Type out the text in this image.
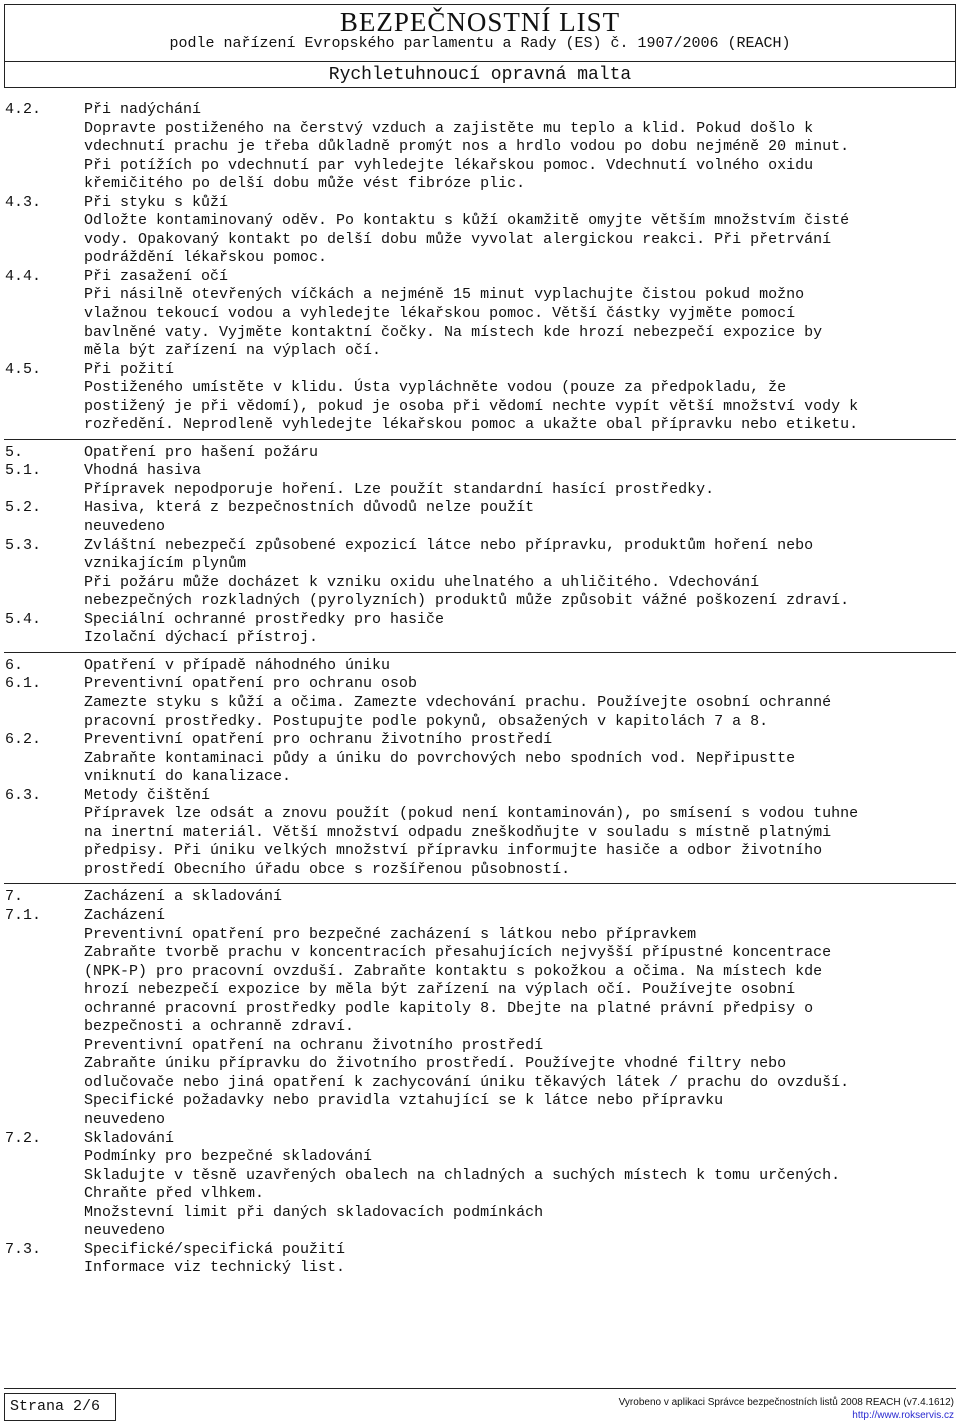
BEZPEČNOSTNÍ LIST
podle nařízení Evropského parlamentu a Rady (ES) č. 1907/2006 (REACH)
Rychletuhnoucí opravná malta
4.2.	Při nadýchání
Dopravte postiženého na čerstvý vzduch a zajistěte mu teplo a klid. Pokud došlo k
vdechnutí prachu je třeba důkladně promýt nos a hrdlo vodou po dobu nejméně 20 minut.
Při potížích po vdechnutí par vyhledejte lékařskou pomoc. Vdechnutí volného oxidu
křemičitého po delší dobu může vést fibróze plic.
4.3.	Při styku s kůží
Odložte kontaminovaný oděv. Po kontaktu s kůží okamžitě omyjte větším množstvím čisté
vody. Opakovaný kontakt po delší dobu může vyvolat alergickou reakci. Při přetrvání
podráždění lékařskou pomoc.
4.4.	Při zasažení očí
Při násilně otevřených víčkách a nejméně 15 minut vyplachujte čistou pokud možno
vlažnou tekoucí vodou a vyhledejte lékařskou pomoc. Větší částky vyjměte pomocí
bavlněné vaty. Vyjměte kontaktní čočky. Na místech kde hrozí nebezpečí expozice by
měla být zařízení na výplach očí.
4.5.	Při požití
Postiženého umístěte v klidu. Ústa vypláchněte vodou (pouze za předpokladu, že
postižený je při vědomí), pokud je osoba při vědomí nechte vypít větší množství vody k
rozředění. Neprodleně vyhledejte lékařskou pomoc a ukažte obal přípravku nebo etiketu.
5.	Opatření pro hašení požáru
5.1.	Vhodná hasiva
Přípravek nepodporuje hoření. Lze použít standardní hasící prostředky.
5.2.	Hasiva, která z bezpečnostních důvodů nelze použít
neuvedeno
5.3.	Zvláštní nebezpečí způsobené expozicí látce nebo přípravku, produktům hoření nebo
vznikajícím plynům
Při požáru může docházet k vzniku oxidu uhelnatého a uhličitého. Vdechování
nebezpečných rozkladných (pyrolyzních) produktů může způsobit vážné poškození zdraví.
5.4.	Speciální ochranné prostředky pro hasiče
Izolační dýchací přístroj.
6.	Opatření v případě náhodného úniku
6.1.	Preventivní opatření pro ochranu osob
Zamezte styku s kůží a očima. Zamezte vdechování prachu. Používejte osobní ochranné
pracovní prostředky. Postupujte podle pokynů, obsažených v kapitolách 7 a 8.
6.2.	Preventivní opatření pro ochranu životního prostředí
Zabraňte kontaminaci půdy a úniku do povrchových nebo spodních vod. Nepřipustte
vniknutí do kanalizace.
6.3.	Metody čištění
Přípravek lze odsát a znovu použít (pokud není kontaminován), po smísení s vodou tuhne
na inertní materiál. Větší množství odpadu zneškodňujte v souladu s místně platnými
předpisy. Při úniku velkých množství přípravku informujte hasiče a odbor životního
prostředí Obecního úřadu obce s rozšířenou působností.
7.	Zacházení a skladování
7.1.	Zacházení
Preventivní opatření pro bezpečné zacházení s látkou nebo přípravkem
Zabraňte tvorbě prachu v koncentracích přesahujících nejvyšší přípustné koncentrace
(NPK-P) pro pracovní ovzduší. Zabraňte kontaktu s pokožkou a očima. Na místech kde
hrozí nebezpečí expozice by měla být zařízení na výplach očí. Používejte osobní
ochranné pracovní prostředky podle kapitoly 8. Dbejte na platné právní předpisy o
bezpečnosti a ochranně zdraví.
Preventivní opatření na ochranu životního prostředí
Zabraňte úniku přípravku do životního prostředí. Používejte vhodné filtry nebo
odlučovače nebo jiná opatření k zachycování úniku těkavých látek / prachu do ovzduší.
Specifické požadavky nebo pravidla vztahující se k látce nebo přípravku
neuvedeno
7.2.	Skladování
Podmínky pro bezpečné skladování
Skladujte v těsně uzavřených obalech na chladných a suchých místech k tomu určených.
Chraňte před vlhkem.
Množstevní limit při daných skladovacích podmínkách
neuvedeno
7.3.	Specifické/specifická použití
Informace viz technický list.
Strana 2/6	Vyrobeno v aplikaci Správce bezpečnostních listů 2008 REACH (v7.4.1612)
http://www.rokservis.cz
